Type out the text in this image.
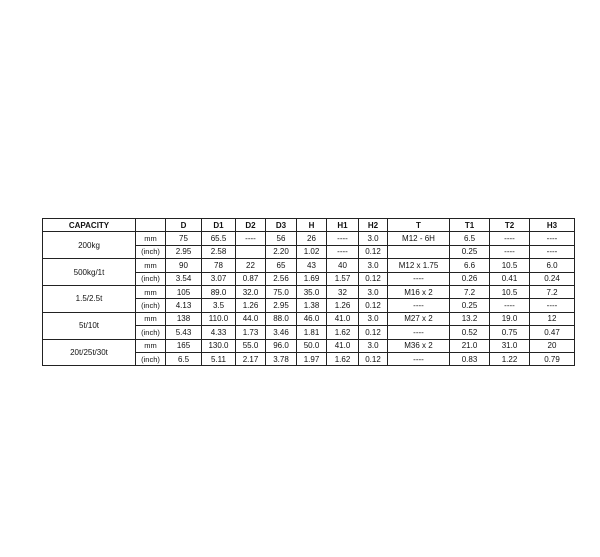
CAPACITY		D	D1	D2	D3	H	H1	H2	T	T1	T2	H3
200kg	mm	75	65.5	----	56	26	----	3.0	M12 - 6H	6.5	----	----
	(inch)	2.95	2.58		2.20	1.02	----	0.12		0.25	----	----
500kg/1t	mm	90	78	22	65	43	40	3.0	M12 x 1.75	6.6	10.5	6.0
	(inch)	3.54	3.07	0.87	2.56	1.69	1.57	0.12	----	0.26	0.41	0.24
1.5/2.5t	mm	105	89.0	32.0	75.0	35.0	32	3.0	M16 x 2	7.2	10.5	7.2
	(inch)	4.13	3.5	1.26	2.95	1.38	1.26	0.12	----	0.25	----	----
5t/10t	mm	138	110.0	44.0	88.0	46.0	41.0	3.0	M27 x 2	13.2	19.0	12
	(inch)	5.43	4.33	1.73	3.46	1.81	1.62	0.12	----	0.52	0.75	0.47
20t/25t/30t	mm	165	130.0	55.0	96.0	50.0	41.0	3.0	M36 x 2	21.0	31.0	20
	(inch)	6.5	5.11	2.17	3.78	1.97	1.62	0.12	----	0.83	1.22	0.79
